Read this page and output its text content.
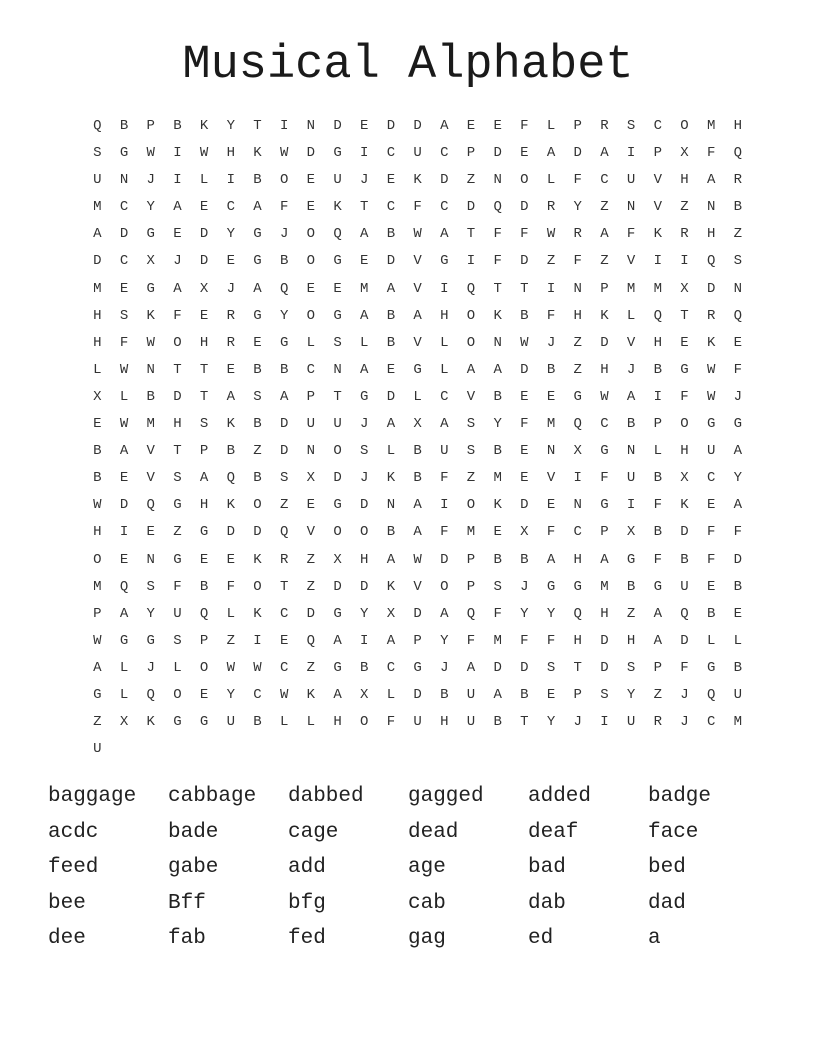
Musical Alphabet
Q	B	P	B	K	Y	T	I	N	D	E	D	D	A	E	E	F	L	P	R	S	C	O	M	H
S	G	W	I	W	H	K	W	D	G	I	C	U	C	P	D	E	A	D	A	I	P	X	F	Q
U	N	J	I	L	I	B	O	E	U	J	E	K	D	Z	N	O	L	F	C	U	V	H	A	R
M	C	Y	A	E	C	A	F	E	K	T	C	F	C	D	Q	D	R	Y	Z	N	V	Z	N	B
A	D	G	E	D	Y	G	J	O	Q	A	B	W	A	T	F	F	W	R	A	F	K	R	H	Z
D	C	X	J	D	E	G	B	O	G	E	D	V	G	I	F	D	Z	F	Z	V	I	I	Q	S
M	E	G	A	X	J	A	Q	E	E	M	A	V	I	Q	T	T	I	N	P	M	M	X	D	N
H	S	K	F	E	R	G	Y	O	G	A	B	A	H	O	K	B	F	H	K	L	Q	T	R	Q
H	F	W	O	H	R	E	G	L	S	L	B	V	L	O	N	W	J	Z	D	V	H	E	K	E
L	W	N	T	T	E	B	B	C	N	A	E	G	L	A	A	D	B	Z	H	J	B	G	W	F
X	L	B	D	T	A	S	A	P	T	G	D	L	C	V	B	E	E	G	W	A	I	F	W	J
E	W	M	H	S	K	B	D	U	U	J	A	X	A	S	Y	F	M	Q	C	B	P	O	G	G
B	A	V	T	P	B	Z	D	N	O	S	L	B	U	S	B	E	N	X	G	N	L	H	U	A
B	E	V	S	A	Q	B	S	X	D	J	K	B	F	Z	M	E	V	I	F	U	B	X	C	Y
W	D	Q	G	H	K	O	Z	E	G	D	N	A	I	O	K	D	E	N	G	I	F	K	E	A
H	I	E	Z	G	D	D	Q	V	O	O	B	A	F	M	E	X	F	C	P	X	B	D	F	F
O	E	N	G	E	E	K	R	Z	X	H	A	W	D	P	B	B	A	H	A	G	F	B	F	D
M	Q	S	F	B	F	O	T	Z	D	D	K	V	O	P	S	J	G	G	M	B	G	U	E	B
P	A	Y	U	Q	L	K	C	D	G	Y	X	D	A	Q	F	Y	Y	Q	H	Z	A	Q	B	E
W	G	G	S	P	Z	I	E	Q	A	I	A	P	Y	F	M	F	F	H	D	H	A	D	L	L
A	L	J	L	O	W	W	C	Z	G	B	C	G	J	A	D	D	S	T	D	S	P	F	G	B
G	L	Q	O	E	Y	C	W	K	A	X	L	D	B	U	A	B	E	P	S	Y	Z	J	Q	U
Z	X	K	G	G	U	B	L	L	H	O	F	U	H	U	B	T	Y	J	I	U	R	J	C	M
U
baggage	cabbage	dabbed	gagged	added	badge
acdc	bade	cage	dead	deaf	face
feed	gabe	add	age	bad	bed
bee	Bff	bfg	cab	dab	dad
dee	fab	fed	gag	ed	a
